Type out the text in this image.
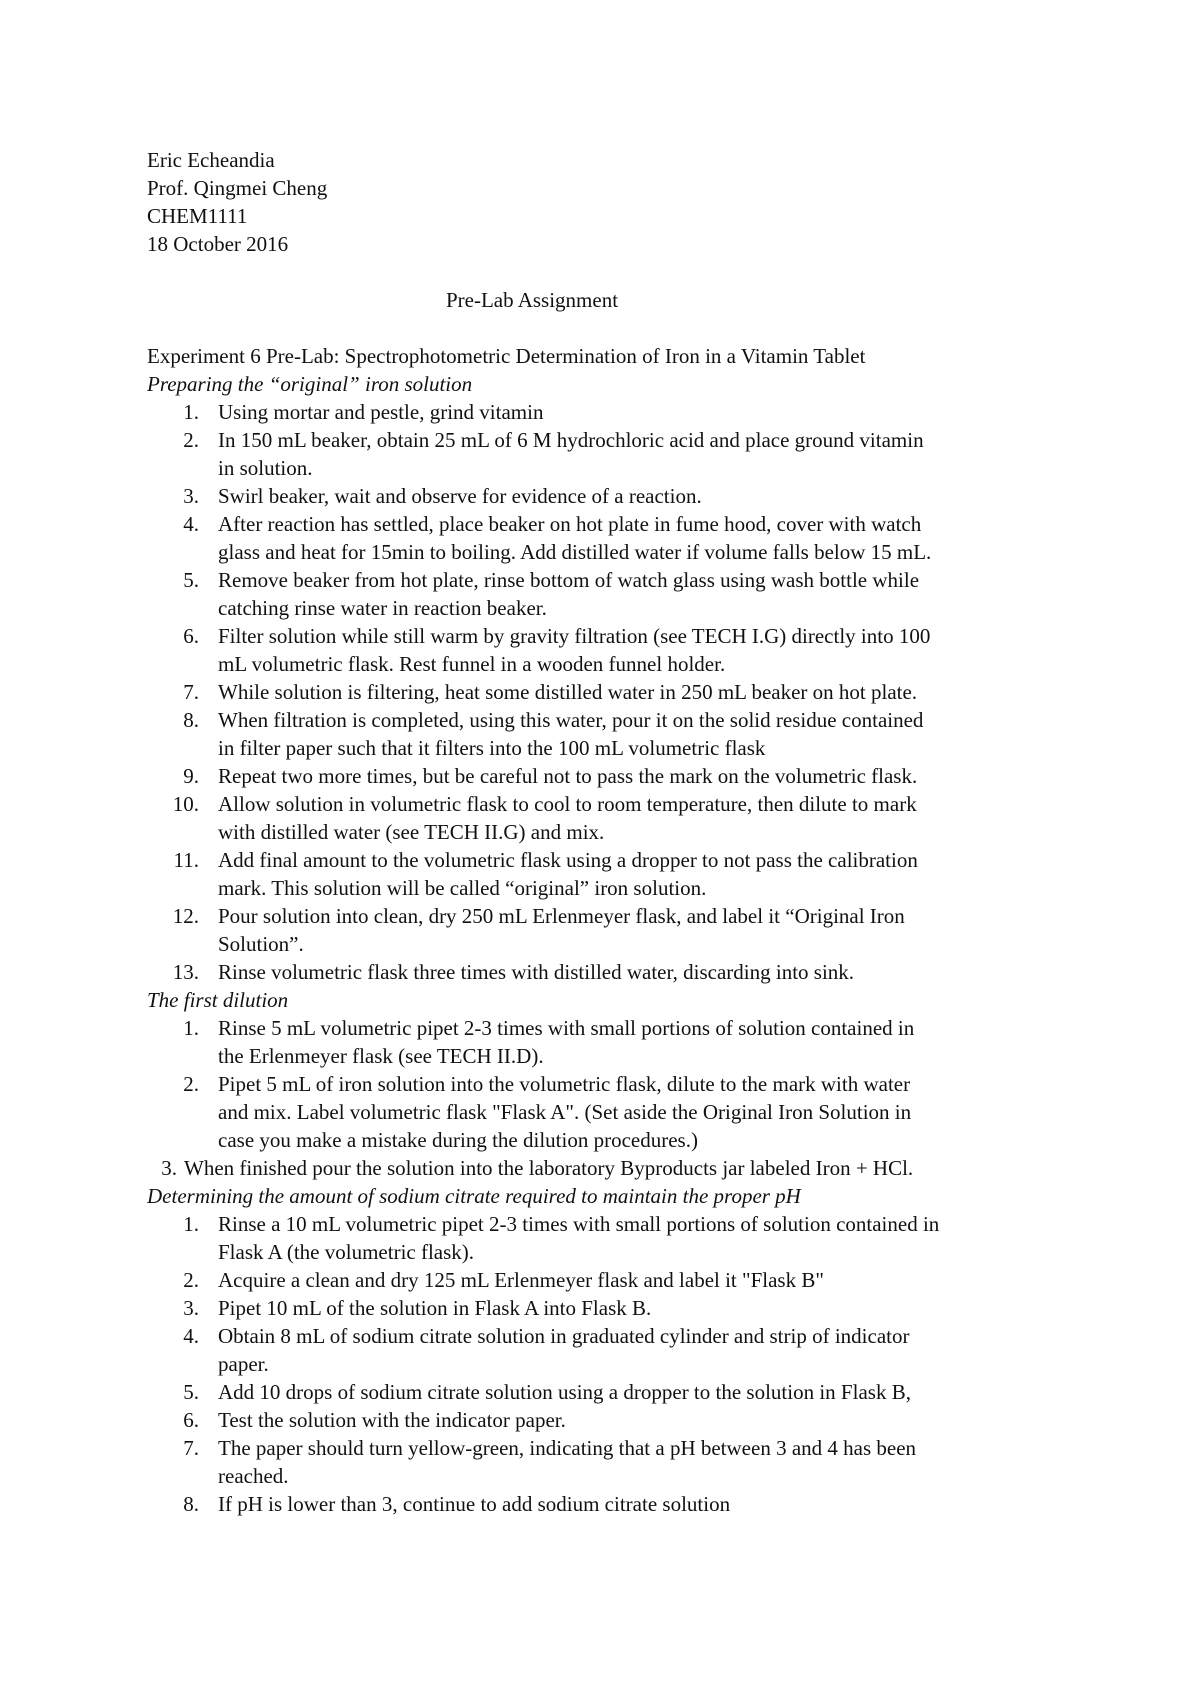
Eric Echeandia
Prof. Qingmei Cheng
CHEM1111
18 October 2016
Pre-Lab Assignment
Experiment 6 Pre-Lab: Spectrophotometric Determination of Iron in a Vitamin Tablet
Preparing the “original” iron solution
1. Using mortar and pestle, grind vitamin
2. In 150 mL beaker, obtain 25 mL of 6 M hydrochloric acid and place ground vitamin
in solution.
3. Swirl beaker, wait and observe for evidence of a reaction.
4. After reaction has settled, place beaker on hot plate in fume hood, cover with watch
glass and heat for 15min to boiling. Add distilled water if volume falls below 15 mL.
5. Remove beaker from hot plate, rinse bottom of watch glass using wash bottle while
catching rinse water in reaction beaker.
6. Filter solution while still warm by gravity filtration (see TECH I.G) directly into 100
mL volumetric flask. Rest funnel in a wooden funnel holder.
7. While solution is filtering, heat some distilled water in 250 mL beaker on hot plate.
8. When filtration is completed, using this water, pour it on the solid residue contained
in filter paper such that it filters into the 100 mL volumetric flask
9. Repeat two more times, but be careful not to pass the mark on the volumetric flask.
10. Allow solution in volumetric flask to cool to room temperature, then dilute to mark
with distilled water (see TECH II.G) and mix.
11. Add final amount to the volumetric flask using a dropper to not pass the calibration
mark. This solution will be called “original” iron solution.
12. Pour solution into clean, dry 250 mL Erlenmeyer flask, and label it “Original Iron
Solution”.
13. Rinse volumetric flask three times with distilled water, discarding into sink.
The first dilution
1. Rinse 5 mL volumetric pipet 2-3 times with small portions of solution contained in
the Erlenmeyer flask (see TECH II.D).
2. Pipet 5 mL of iron solution into the volumetric flask, dilute to the mark with water
and mix. Label volumetric flask "Flask A". (Set aside the Original Iron Solution in
case you make a mistake during the dilution procedures.)
3. When finished pour the solution into the laboratory Byproducts jar labeled Iron + HCl.
Determining the amount of sodium citrate required to maintain the proper pH
1. Rinse a 10 mL volumetric pipet 2-3 times with small portions of solution contained in
Flask A (the volumetric flask).
2. Acquire a clean and dry 125 mL Erlenmeyer flask and label it "Flask B"
3. Pipet 10 mL of the solution in Flask A into Flask B.
4. Obtain 8 mL of sodium citrate solution in graduated cylinder and strip of indicator
paper.
5. Add 10 drops of sodium citrate solution using a dropper to the solution in Flask B,
6. Test the solution with the indicator paper.
7. The paper should turn yellow-green, indicating that a pH between 3 and 4 has been
reached.
8. If pH is lower than 3, continue to add sodium citrate solution
